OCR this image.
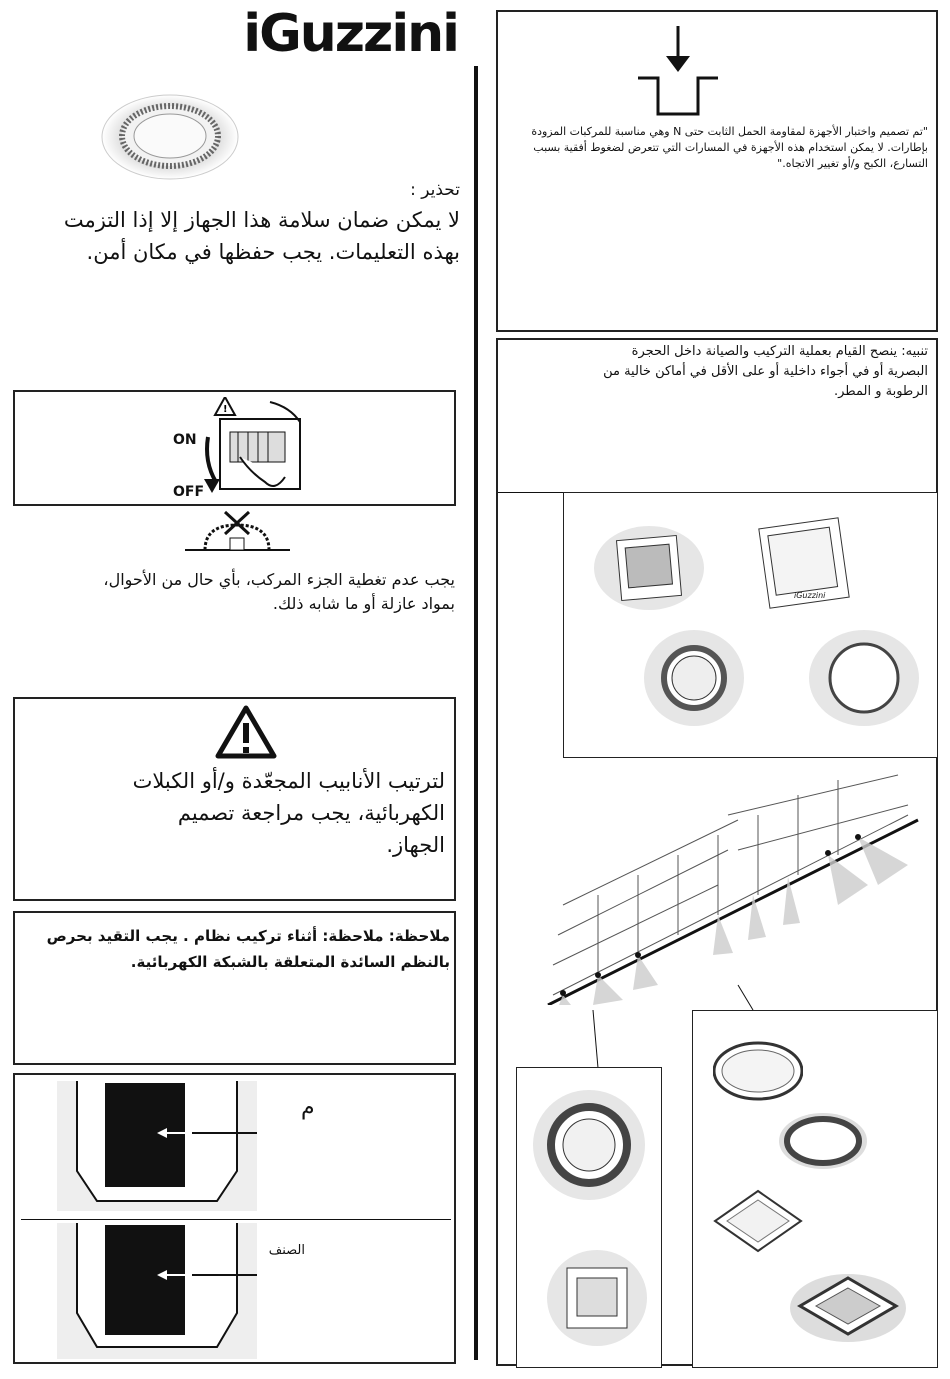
iGuzzini
تحذير :
لا يمكن ضمان سلامة هذا الجهاز إلا إذا التزمت بهذه التعليمات. يجب حفظها في مكان أمن.
ON
OFF
!
يجب عدم تغطية الجزء المركب، بأي حال من الأحوال، بمواد عازلة أو ما شابه ذلك.
لترتيب الأنابيب المجعّدة و/أو الكبلات الكهربائية، يجب مراجعة تصميم الجهاز.
ملاحظة: ملاحظة: أثناء تركيب نظام . يجب التقيد بحرص بالنظم السائدة المتعلقة بالشبكة الكهربائية.
م
الصنف
"تم تصميم واختبار الأجهزة لمقاومة الحمل الثابت حتى N وهي مناسبة للمركبات المزودة بإطارات. لا يمكن استخدام هذه الأجهزة في المسارات التي تتعرض لضغوط أفقية بسبب التسارع، الكبح و/أو تغيير الاتجاه."
تنبيه: ينصح القيام بعملية التركيب والصيانة داخل الحجرة البصرية أو في أجواء داخلية أو على الأقل في أماكن خالية من الرطوبة و المطر.
iGuzzini
